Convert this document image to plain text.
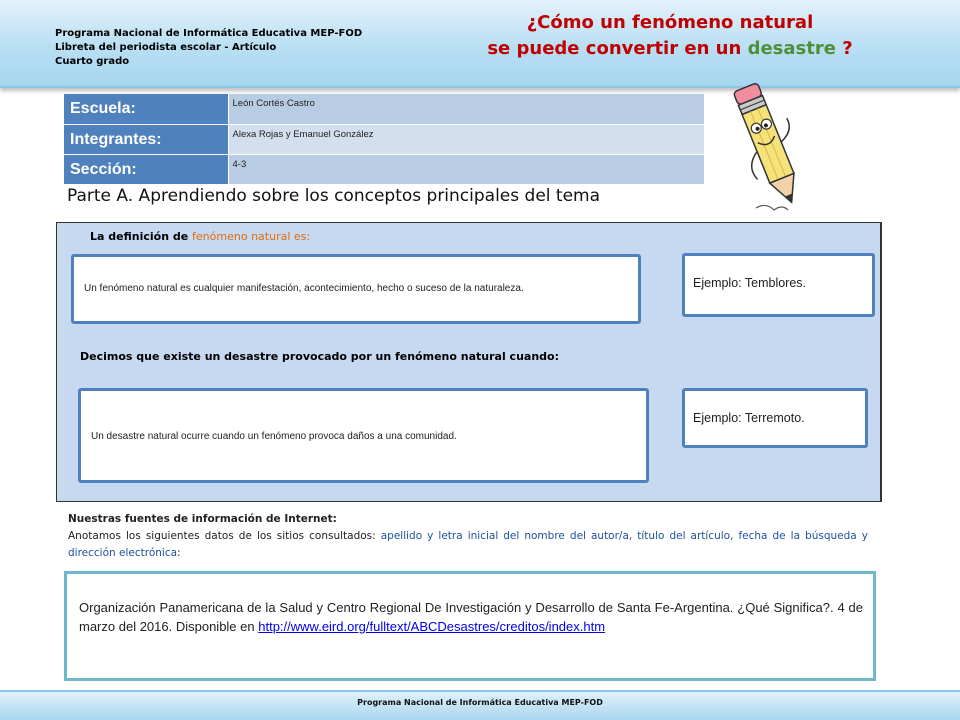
Programa Nacional de Informática Educativa MEP-FOD
Libreta del periodista escolar - Artículo
Cuarto grado
¿Cómo un fenómeno natural
se puede convertir en un desastre ?
Escuela:	León Cortés Castro
Integrantes:	Alexa Rojas y Emanuel González
Sección:	4-3
Parte A. Aprendiendo sobre los conceptos principales del tema
La definición de fenómeno natural es:
Un fenómeno natural es cualquier manifestación, acontecimiento, hecho o suceso de la naturaleza.	Ejemplo: Temblores.
Decimos que existe un desastre provocado por un fenómeno natural cuando:
Un desastre natural ocurre cuando un fenómeno provoca daños a una comunidad.
Ejemplo: Terremoto.
Nuestras fuentes de información de Internet:
Anotamos los siguientes datos de los sitios consultados: apellido y letra inicial del nombre del autor/a, título del artículo, fecha de la búsqueda y dirección electrónica:
Organización Panamericana de la Salud y Centro Regional De Investigación y Desarrollo de Santa Fe-Argentina. ¿Qué Significa?. 4 de marzo del 2016. Disponible en http://www.eird.org/fulltext/ABCDesastres/creditos/index.htm
Programa Nacional de Informática Educativa MEP-FOD
